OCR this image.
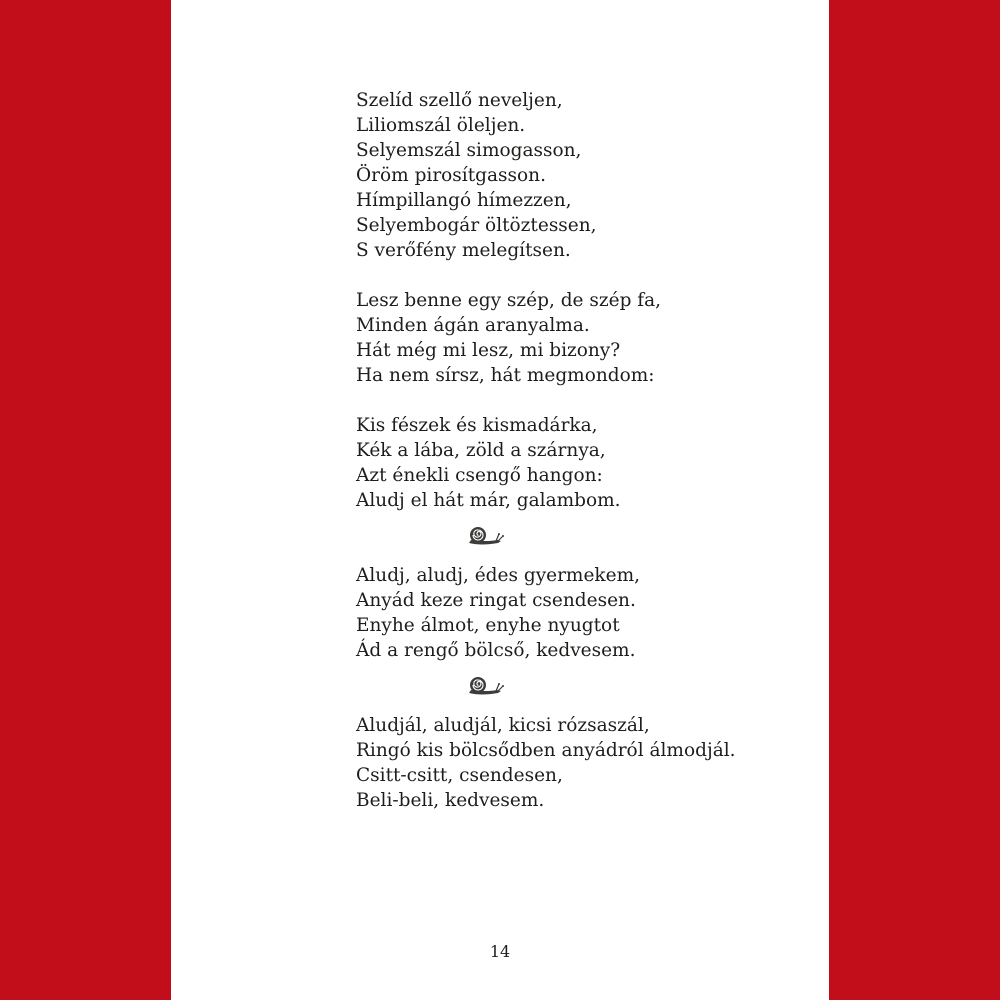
Szelíd szellő neveljen,
Liliomszál öleljen.
Selyemszál simogasson,
Öröm pirosítgasson.
Hímpillangó hímezzen,
Selyembogár öltöztessen,
S verőfény melegítsen.
Lesz benne egy szép, de szép fa,
Minden ágán aranyalma.
Hát még mi lesz, mi bizony?
Ha nem sírsz, hát megmondom:
Kis fészek és kismadárka,
Kék a lába, zöld a szárnya,
Azt énekli csengő hangon:
Aludj el hát már, galambom.
Aludj, aludj, édes gyermekem,
Anyád keze ringat csendesen.
Enyhe álmot, enyhe nyugtot
Ád a rengő bölcső, kedvesem.
Aludjál, aludjál, kicsi rózsaszál,
Ringó kis bölcsődben anyádról álmodjál.
Csitt-csitt, csendesen,
Beli-beli, kedvesem.
14
